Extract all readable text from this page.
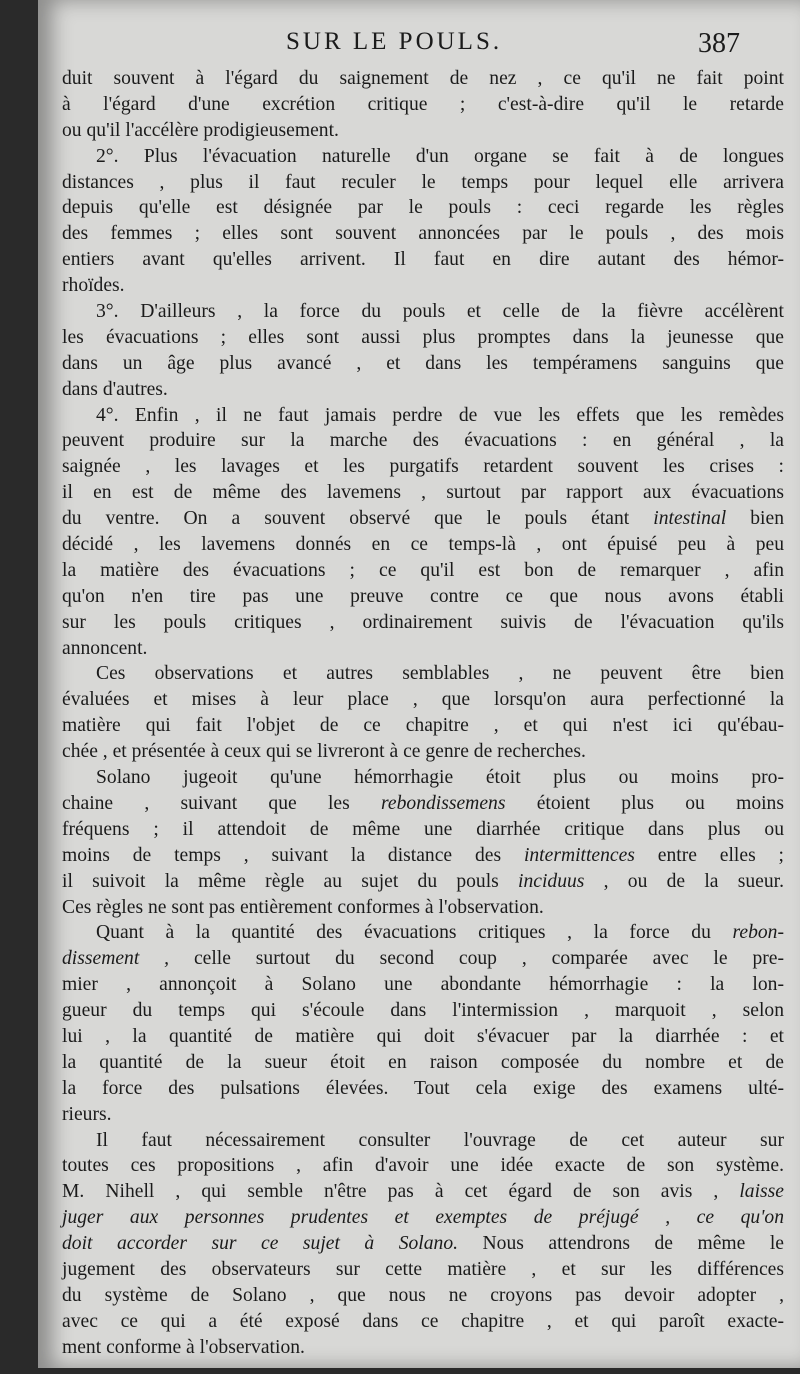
SUR LE POULS.	387
duit souvent à l'égard du saignement de nez , ce qu'il ne fait point
à l'égard d'une excrétion critique ; c'est-à-dire qu'il le retarde
ou qu'il l'accélère prodigieusement.
2°. Plus l'évacuation naturelle d'un organe se fait à de longues
distances , plus il faut reculer le temps pour lequel elle arrivera
depuis qu'elle est désignée par le pouls : ceci regarde les règles
des femmes ; elles sont souvent annoncées par le pouls , des mois
entiers avant qu'elles arrivent. Il faut en dire autant des hémor-
rhoïdes.
3°. D'ailleurs , la force du pouls et celle de la fièvre accélèrent
les évacuations ; elles sont aussi plus promptes dans la jeunesse que
dans un âge plus avancé , et dans les tempéramens sanguins que
dans d'autres.
4°. Enfin , il ne faut jamais perdre de vue les effets que les remèdes
peuvent produire sur la marche des évacuations : en général , la
saignée , les lavages et les purgatifs retardent souvent les crises :
il en est de même des lavemens , surtout par rapport aux évacuations
du ventre. On a souvent observé que le pouls étant intestinal bien
décidé , les lavemens donnés en ce temps-là , ont épuisé peu à peu
la matière des évacuations ; ce qu'il est bon de remarquer , afin
qu'on n'en tire pas une preuve contre ce que nous avons établi
sur les pouls critiques , ordinairement suivis de l'évacuation qu'ils
annoncent.
Ces observations et autres semblables , ne peuvent être bien
évaluées et mises à leur place , que lorsqu'on aura perfectionné la
matière qui fait l'objet de ce chapitre , et qui n'est ici qu'ébau-
chée , et présentée à ceux qui se livreront à ce genre de recherches.
Solano jugeoit qu'une hémorrhagie étoit plus ou moins pro-
chaine , suivant que les rebondissemens étoient plus ou moins
fréquens ; il attendoit de même une diarrhée critique dans plus ou
moins de temps , suivant la distance des intermittences entre elles ;
il suivoit la même règle au sujet du pouls inciduus , ou de la sueur.
Ces règles ne sont pas entièrement conformes à l'observation.
Quant à la quantité des évacuations critiques , la force du rebon-
dissement , celle surtout du second coup , comparée avec le pre-
mier , annonçoit à Solano une abondante hémorrhagie : la lon-
gueur du temps qui s'écoule dans l'intermission , marquoit , selon
lui , la quantité de matière qui doit s'évacuer par la diarrhée : et
la quantité de la sueur étoit en raison composée du nombre et de
la force des pulsations élevées. Tout cela exige des examens ulté-
rieurs.
Il faut nécessairement consulter l'ouvrage de cet auteur sur
toutes ces propositions , afin d'avoir une idée exacte de son système.
M. Nihell , qui semble n'être pas à cet égard de son avis , laisse
juger aux personnes prudentes et exemptes de préjugé , ce qu'on
doit accorder sur ce sujet à Solano. Nous attendrons de même le
jugement des observateurs sur cette matière , et sur les différences
du système de Solano , que nous ne croyons pas devoir adopter ,
avec ce qui a été exposé dans ce chapitre , et qui paroît exacte-
ment conforme à l'observation.
